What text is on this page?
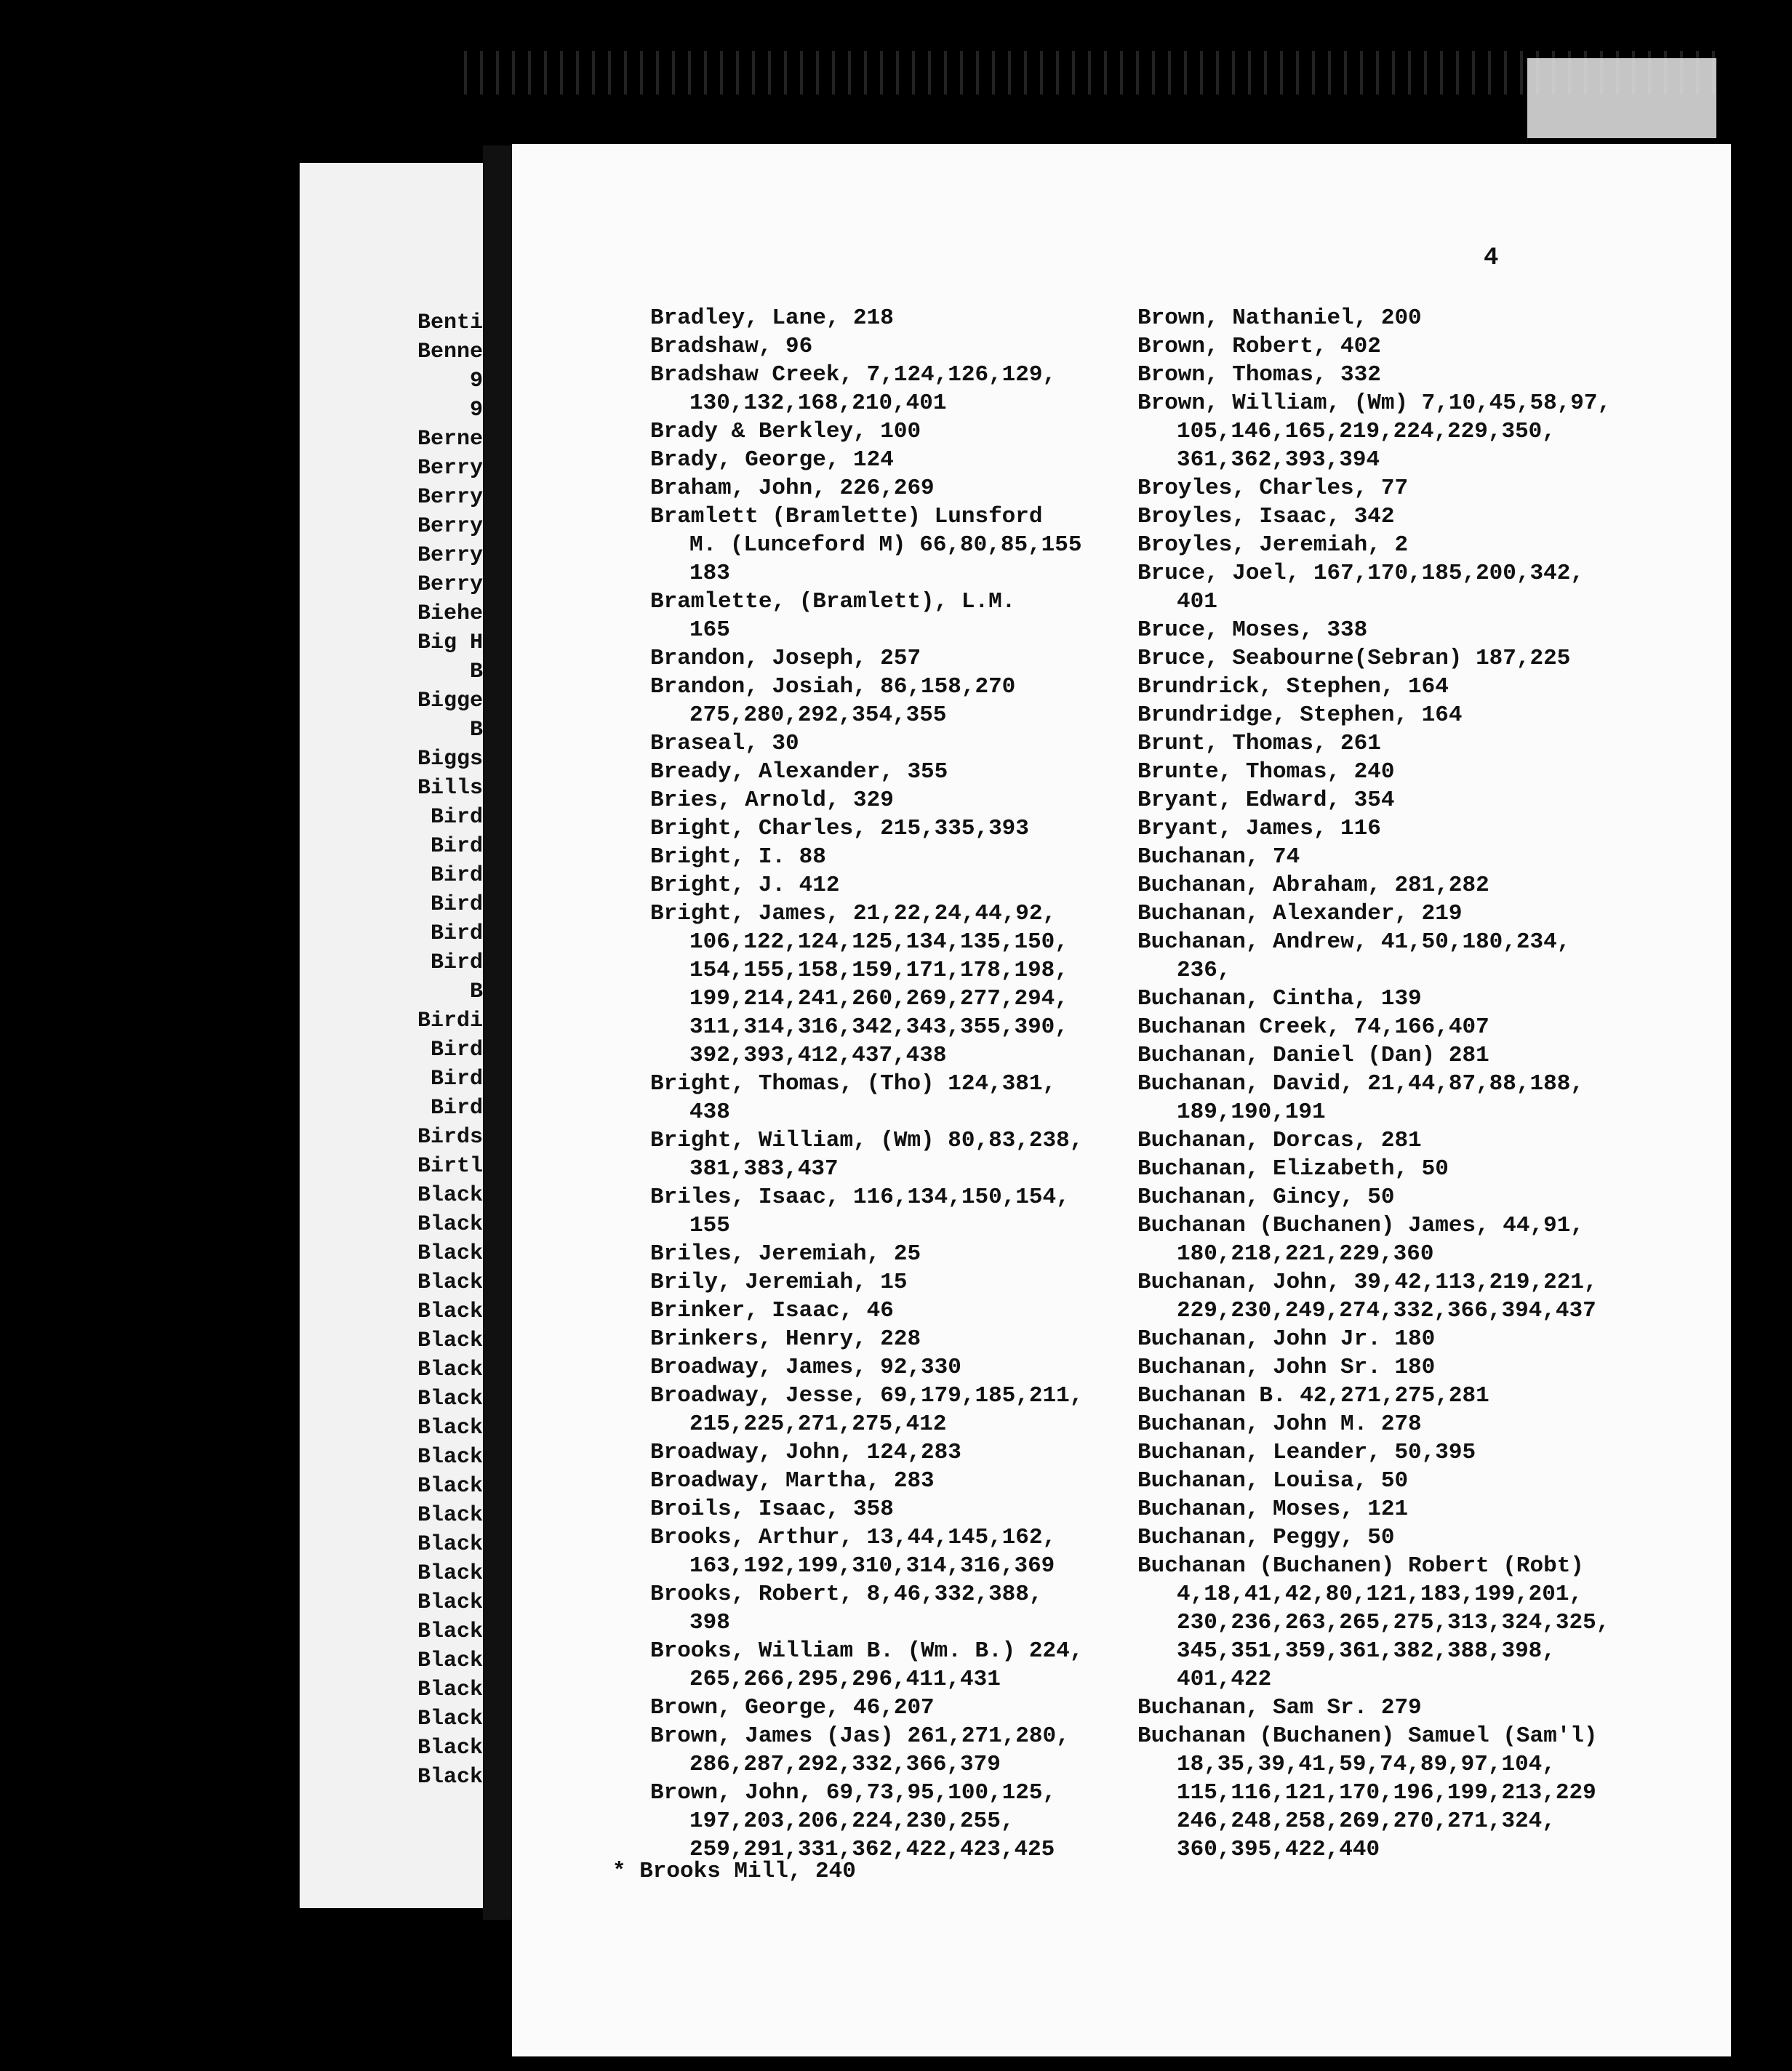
Benti
Benne
9
9
Berne
Berry
Berry
Berry
Berry
Berry
Biehe
Big H
B
Bigge
B
Biggs
Bills
Bird
Bird
Bird
Bird
Bird
Bird
B
Birdi
Bird
Bird
Bird
Birds
Birtl
Black
Black
Black
Black
Black
Black
Black
Black
Black
Black
Black
Black
Black
Black
Black
Black
Black
Black
Black
Black
Black
4
Bradley, Lane, 218
Bradshaw, 96
Bradshaw Creek, 7,124,126,129,
130,132,168,210,401
Brady & Berkley, 100
Brady, George, 124
Braham, John, 226,269
Bramlett (Bramlette) Lunsford
M. (Lunceford M) 66,80,85,155
183
Bramlette, (Bramlett), L.M.
165
Brandon, Joseph, 257
Brandon, Josiah, 86,158,270
275,280,292,354,355
Braseal, 30
Bready, Alexander, 355
Bries, Arnold, 329
Bright, Charles, 215,335,393
Bright, I. 88
Bright, J. 412
Bright, James, 21,22,24,44,92,
106,122,124,125,134,135,150,
154,155,158,159,171,178,198,
199,214,241,260,269,277,294,
311,314,316,342,343,355,390,
392,393,412,437,438
Bright, Thomas, (Tho) 124,381,
438
Bright, William, (Wm) 80,83,238,
381,383,437
Briles, Isaac, 116,134,150,154,
155
Briles, Jeremiah, 25
Brily, Jeremiah, 15
Brinker, Isaac, 46
Brinkers, Henry, 228
Broadway, James, 92,330
Broadway, Jesse, 69,179,185,211,
215,225,271,275,412
Broadway, John, 124,283
Broadway, Martha, 283
Broils, Isaac, 358
Brooks, Arthur, 13,44,145,162,
163,192,199,310,314,316,369
Brooks, Robert, 8,46,332,388,
398
Brooks, William B. (Wm. B.) 224,
265,266,295,296,411,431
Brown, George, 46,207
Brown, James (Jas) 261,271,280,
286,287,292,332,366,379
Brown, John, 69,73,95,100,125,
197,203,206,224,230,255,
259,291,331,362,422,423,425
Brown, Nathaniel, 200
Brown, Robert, 402
Brown, Thomas, 332
Brown, William, (Wm) 7,10,45,58,97,
105,146,165,219,224,229,350,
361,362,393,394
Broyles, Charles, 77
Broyles, Isaac, 342
Broyles, Jeremiah, 2
Bruce, Joel, 167,170,185,200,342,
401
Bruce, Moses, 338
Bruce, Seabourne(Sebran) 187,225
Brundrick, Stephen, 164
Brundridge, Stephen, 164
Brunt, Thomas, 261
Brunte, Thomas, 240
Bryant, Edward, 354
Bryant, James, 116
Buchanan, 74
Buchanan, Abraham, 281,282
Buchanan, Alexander, 219
Buchanan, Andrew, 41,50,180,234,
236,
Buchanan, Cintha, 139
Buchanan Creek, 74,166,407
Buchanan, Daniel (Dan) 281
Buchanan, David, 21,44,87,88,188,
189,190,191
Buchanan, Dorcas, 281
Buchanan, Elizabeth, 50
Buchanan, Gincy, 50
Buchanan (Buchanen) James, 44,91,
180,218,221,229,360
Buchanan, John, 39,42,113,219,221,
229,230,249,274,332,366,394,437
Buchanan, John Jr. 180
Buchanan, John Sr. 180
Buchanan B. 42,271,275,281
Buchanan, John M. 278
Buchanan, Leander, 50,395
Buchanan, Louisa, 50
Buchanan, Moses, 121
Buchanan, Peggy, 50
Buchanan (Buchanen) Robert (Robt)
4,18,41,42,80,121,183,199,201,
230,236,263,265,275,313,324,325,
345,351,359,361,382,388,398,
401,422
Buchanan, Sam Sr. 279
Buchanan (Buchanen) Samuel (Sam'l)
18,35,39,41,59,74,89,97,104,
115,116,121,170,196,199,213,229
246,248,258,269,270,271,324,
360,395,422,440
* Brooks Mill, 240
